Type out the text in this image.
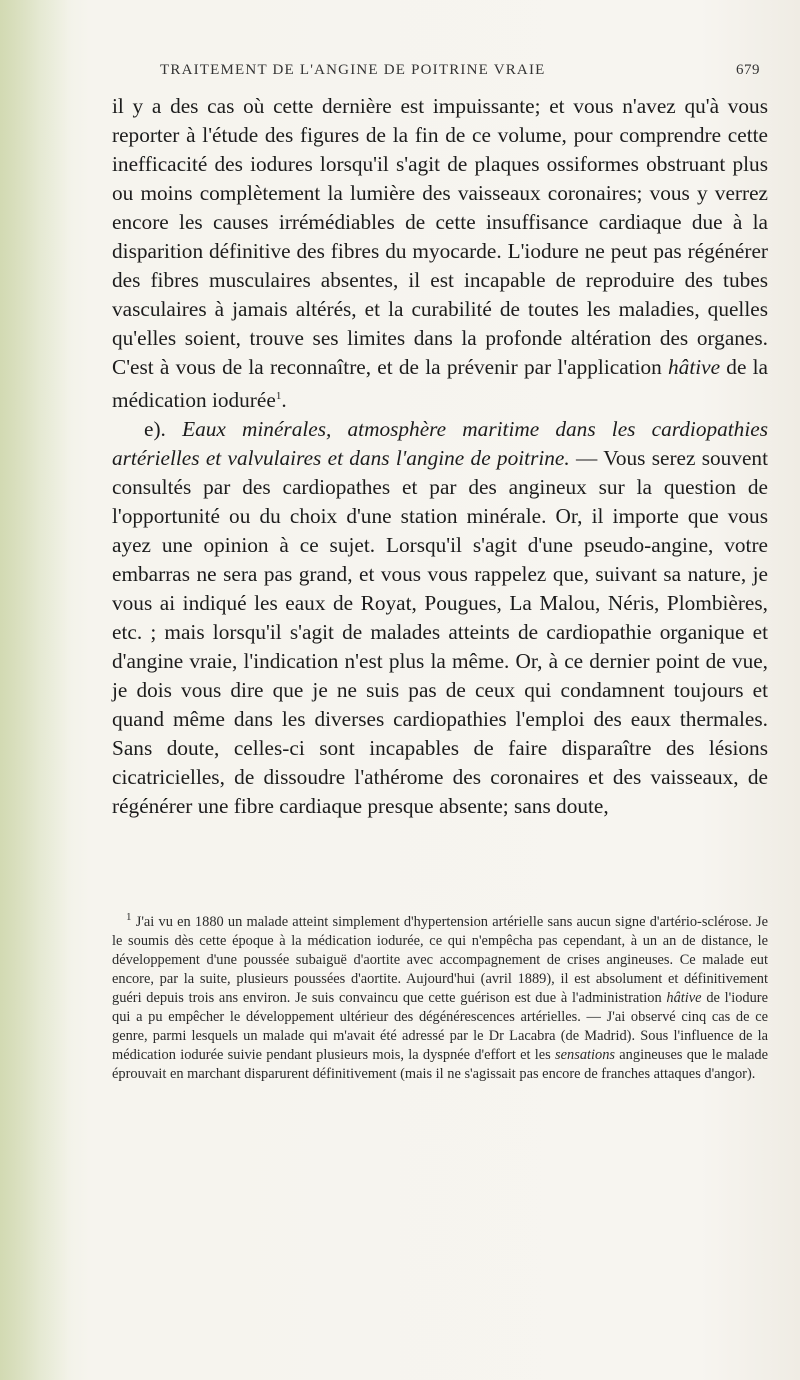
TRAITEMENT DE L'ANGINE DE POITRINE VRAIE	679

il y a des cas où cette dernière est impuissante; et vous n'avez qu'à vous reporter à l'étude des figures de la fin de ce volume, pour comprendre cette inefficacité des iodures lorsqu'il s'agit de plaques ossiformes obstruant plus ou moins complètement la lumière des vaisseaux coronaires; vous y verrez encore les causes irrémédiables de cette insuffisance cardiaque due à la disparition définitive des fibres du myocarde. L'iodure ne peut pas régénérer des fibres musculaires absentes, il est incapable de reproduire des tubes vasculaires à jamais altérés, et la curabilité de toutes les maladies, quelles qu'elles soient, trouve ses limites dans la profonde altération des organes. C'est à vous de la reconnaître, et de la prévenir par l'application hâtive de la médication iodurée$^1$.

e). Eaux minérales, atmosphère maritime dans les cardiopathies artérielles et valvulaires et dans l'angine de poitrine. — Vous serez souvent consultés par des cardiopathes et par des angineux sur la question de l'opportunité ou du choix d'une station minérale. Or, il importe que vous ayez une opinion à ce sujet. Lorsqu'il s'agit d'une pseudo-angine, votre embarras ne sera pas grand, et vous vous rappelez que, suivant sa nature, je vous ai indiqué les eaux de Royat, Pougues, La Malou, Néris, Plombières, etc. ; mais lorsqu'il s'agit de malades atteints de cardiopathie organique et d'angine vraie, l'indication n'est plus la même. Or, à ce dernier point de vue, je dois vous dire que je ne suis pas de ceux qui condamnent toujours et quand même dans les diverses cardiopathies l'emploi des eaux thermales. Sans doute, celles-ci sont incapables de faire disparaître des lésions cicatricielles, de dissoudre l'athérome des coronaires et des vaisseaux, de régénérer une fibre cardiaque presque absente; sans doute,

$^1$ J'ai vu en 1880 un malade atteint simplement d'hypertension artérielle sans aucun signe d'artério-sclérose. Je le soumis dès cette époque à la médication iodurée, ce qui n'empêcha pas cependant, à un an de distance, le développement d'une poussée subaiguë d'aortite avec accompagnement de crises angineuses. Ce malade eut encore, par la suite, plusieurs poussées d'aortite. Aujourd'hui (avril 1889), il est absolument et définitivement guéri depuis trois ans environ. Je suis convaincu que cette guérison est due à l'administration hâtive de l'iodure qui a pu empêcher le développement ultérieur des dégénérescences artérielles. — J'ai observé cinq cas de ce genre, parmi lesquels un malade qui m'avait été adressé par le Dr Lacabra (de Madrid). Sous l'influence de la médication iodurée suivie pendant plusieurs mois, la dyspnée d'effort et les sensations angineuses que le malade éprouvait en marchant disparurent définitivement (mais il ne s'agissait pas encore de franches attaques d'angor).
